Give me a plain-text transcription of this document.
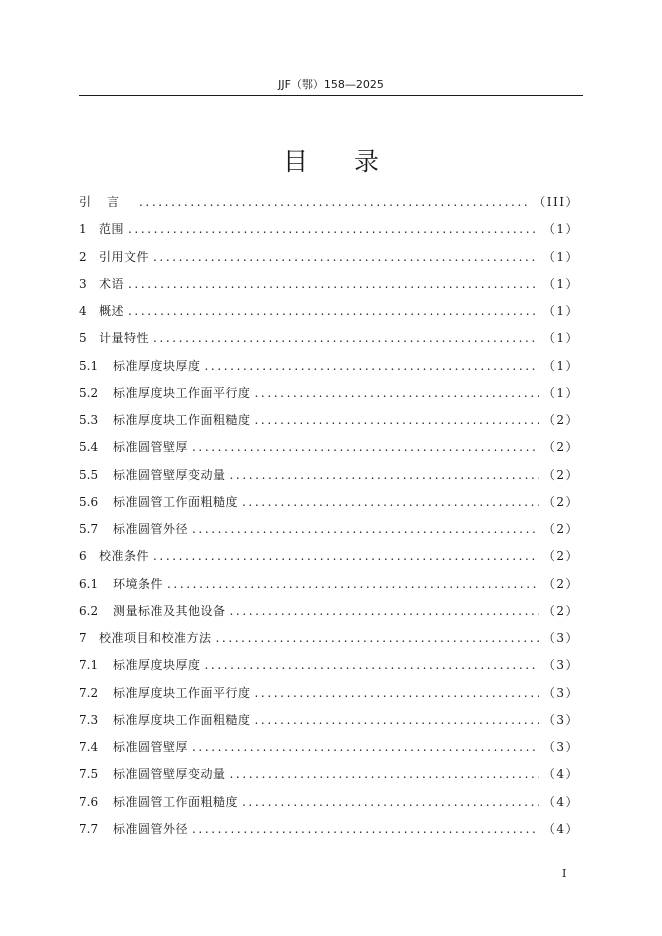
JJF（鄂）158—2025
目录
引言 .....	（III）
1	范围 .....	（1）
2	引用文件 .....	（1）
3	术语 .....	（1）
4	概述 .....	（1）
5	计量特性 .....	（1）
5.1	标准厚度块厚度 .....	（1）
5.2	标准厚度块工作面平行度 .....	（1）
5.3	标准厚度块工作面粗糙度 .....	（2）
5.4	标准圆管壁厚 .....	（2）
5.5	标准圆管壁厚变动量 .....	（2）
5.6	标准圆管工作面粗糙度 .....	（2）
5.7	标准圆管外径 .....	（2）
6	校准条件 .....	（2）
6.1	环境条件 .....	（2）
6.2	测量标准及其他设备 .....	（2）
7	校准项目和校准方法 .....	（3）
7.1	标准厚度块厚度 .....	（3）
7.2	标准厚度块工作面平行度 .....	（3）
7.3	标准厚度块工作面粗糙度 .....	（3）
7.4	标准圆管壁厚 .....	（3）
7.5	标准圆管壁厚变动量 .....	（4）
7.6	标准圆管工作面粗糙度 .....	（4）
7.7	标准圆管外径 .....	（4）
I
